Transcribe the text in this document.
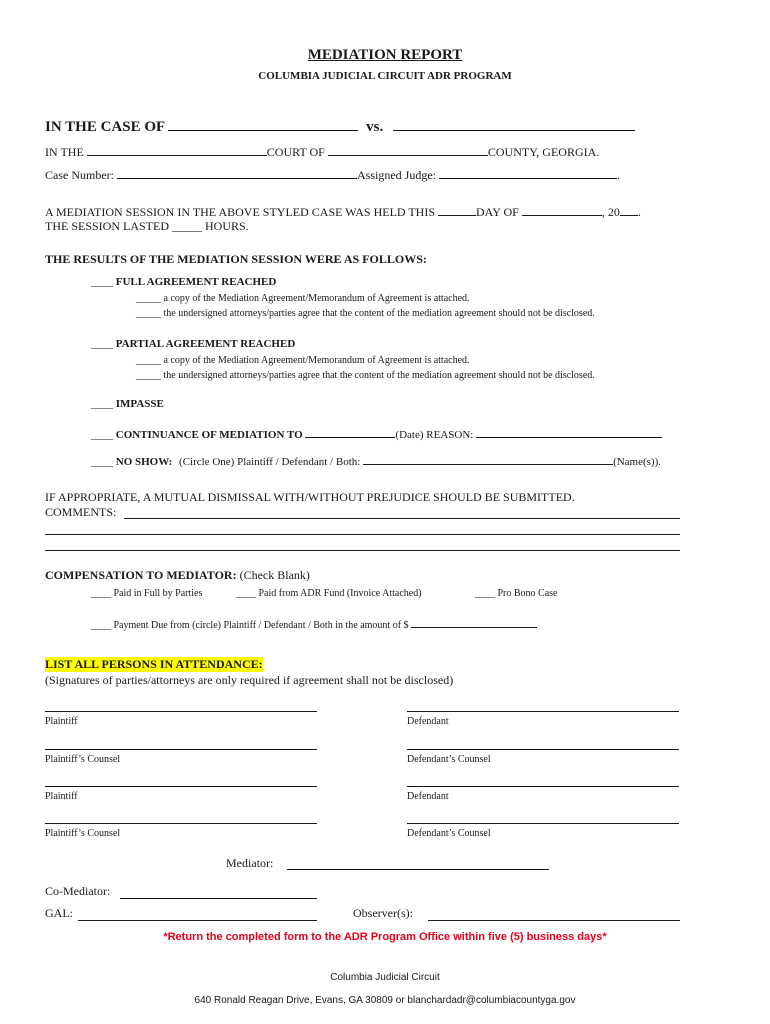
MEDIATION REPORT
COLUMBIA JUDICIAL CIRCUIT ADR PROGRAM
IN THE CASE OF	vs.
IN THE	COURT OF	COUNTY, GEORGIA.
Case Number:	Assigned Judge:	.
A MEDIATION SESSION IN THE ABOVE STYLED CASE WAS HELD THIS	DAY OF	, 20 .
THE SESSION LASTED _____ HOURS.
THE RESULTS OF THE MEDIATION SESSION WERE AS FOLLOWS:
____ FULL AGREEMENT REACHED
_____ a copy of the Mediation Agreement/Memorandum of Agreement is attached.
_____ the undersigned attorneys/parties agree that the content of the mediation agreement should not be disclosed.
____ PARTIAL AGREEMENT REACHED
_____ a copy of the Mediation Agreement/Memorandum of Agreement is attached.
_____ the undersigned attorneys/parties agree that the content of the mediation agreement should not be disclosed.
____ IMPASSE
____ CONTINUANCE OF MEDIATION TO	(Date) REASON:
____ NO SHOW: (Circle One) Plaintiff / Defendant / Both:	(Name(s)).
IF APPROPRIATE, A MUTUAL DISMISSAL WITH/WITHOUT PREJUDICE SHOULD BE SUBMITTED.
COMMENTS:
COMPENSATION TO MEDIATOR: (Check Blank)
____ Paid in Full by Parties	____ Paid from ADR Fund (Invoice Attached)	____ Pro Bono Case
____ Payment Due from (circle) Plaintiff / Defendant / Both in the amount of $
LIST ALL PERSONS IN ATTENDANCE:
(Signatures of parties/attorneys are only required if agreement shall not be disclosed)
Plaintiff	Defendant
Plaintiff’s Counsel	Defendant’s Counsel
Plaintiff	Defendant
Plaintiff’s Counsel	Defendant’s Counsel
Mediator:
Co-Mediator:
GAL:	Observer(s):
*Return the completed form to the ADR Program Office within five (5) business days*
Columbia Judicial Circuit
640 Ronald Reagan Drive, Evans, GA 30809 or blanchardadr@columbiacountyga.gov
